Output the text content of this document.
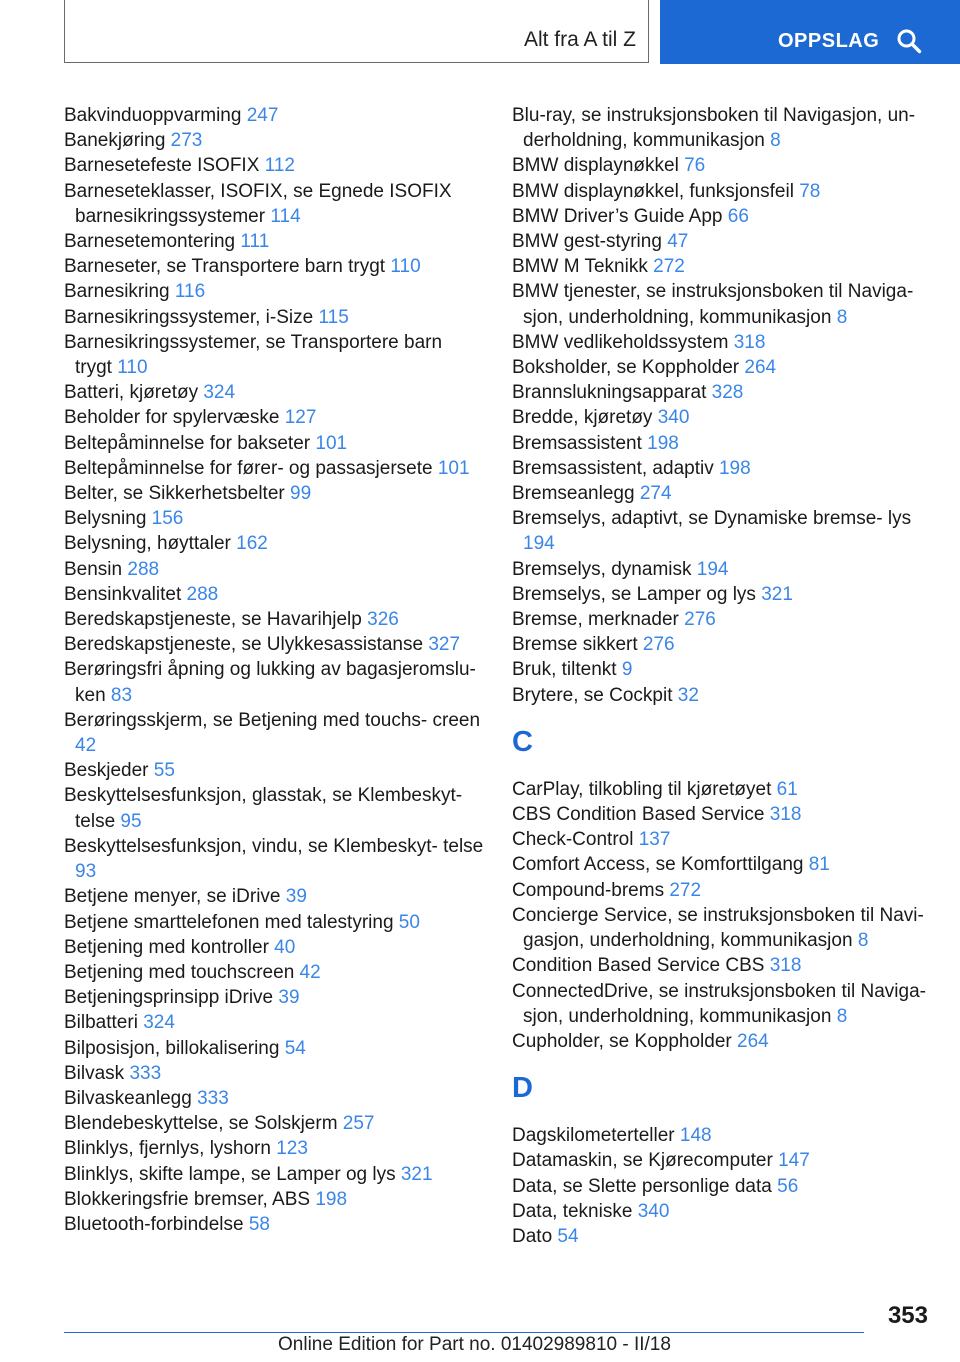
Alt fra A til Z	OPPSLAG

Bakvinduoppvarming 247

Banekjøring 273

Barnesetefeste ISOFIX 112

Barneseteklasser, ISOFIX, se Egnede ISOFIX barnesikringssystemer 114

Barnesetemontering 111

Barneseter, se Transportere barn trygt 110

Barnesikring 116

Barnesikringssystemer, i-Size 115

Barnesikringssystemer, se Transportere barn trygt 110

Batteri, kjøretøy 324

Beholder for spylervæske 127

Beltepåminnelse for bakseter 101

Beltepåminnelse for fører- og passasjersete 101

Belter, se Sikkerhetsbelter 99

Belysning 156

Belysning, høyttaler 162

Bensin 288

Bensinkvalitet 288

Beredskapstjeneste, se Havarihjelp 326

Beredskapstjeneste, se Ulykkesassistanse 327

Berøringsfri åpning og lukking av bagasjeromslu- ken 83

Berøringsskjerm, se Betjening med touchs- creen 42

Beskjeder 55

Beskyttelsesfunksjon, glasstak, se Klembeskyt- telse 95

Beskyttelsesfunksjon, vindu, se Klembeskyt- telse 93

Betjene menyer, se iDrive 39

Betjene smarttelefonen med talestyring 50

Betjening med kontroller 40

Betjening med touchscreen 42

Betjeningsprinsipp iDrive 39

Bilbatteri 324

Bilposisjon, billokalisering 54

Bilvask 333

Bilvaskeanlegg 333

Blendebeskyttelse, se Solskjerm 257

Blinklys, fjernlys, lyshorn 123

Blinklys, skifte lampe, se Lamper og lys 321

Blokkeringsfrie bremser, ABS 198

Bluetooth-forbindelse 58

Blu-ray, se instruksjonsboken til Navigasjon, un- derholdning, kommunikasjon 8

BMW displaynøkkel 76

BMW displaynøkkel, funksjonsfeil 78

BMW Driver’s Guide App 66

BMW gest-styring 47

BMW M Teknikk 272

BMW tjenester, se instruksjonsboken til Naviga- sjon, underholdning, kommunikasjon 8

BMW vedlikeholdssystem 318

Boksholder, se Koppholder 264

Brannslukningsapparat 328

Bredde, kjøretøy 340

Bremsassistent 198

Bremsassistent, adaptiv 198

Bremseanlegg 274

Bremselys, adaptivt, se Dynamiske bremse- lys 194

Bremselys, dynamisk 194

Bremselys, se Lamper og lys 321

Bremse, merknader 276

Bremse sikkert 276

Bruk, tiltenkt 9

Brytere, se Cockpit 32

C

CarPlay, tilkobling til kjøretøyet 61

CBS Condition Based Service 318

Check-Control 137

Comfort Access, se Komforttilgang 81

Compound-brems 272

Concierge Service, se instruksjonsboken til Navi- gasjon, underholdning, kommunikasjon 8

Condition Based Service CBS 318

ConnectedDrive, se instruksjonsboken til Naviga- sjon, underholdning, kommunikasjon 8

Cupholder, se Koppholder 264

D

Dagskilometerteller 148

Datamaskin, se Kjørecomputer 147

Data, se Slette personlige data 56

Data, tekniske 340

Dato 54

353
Online Edition for Part no. 01402989810 - II/18
